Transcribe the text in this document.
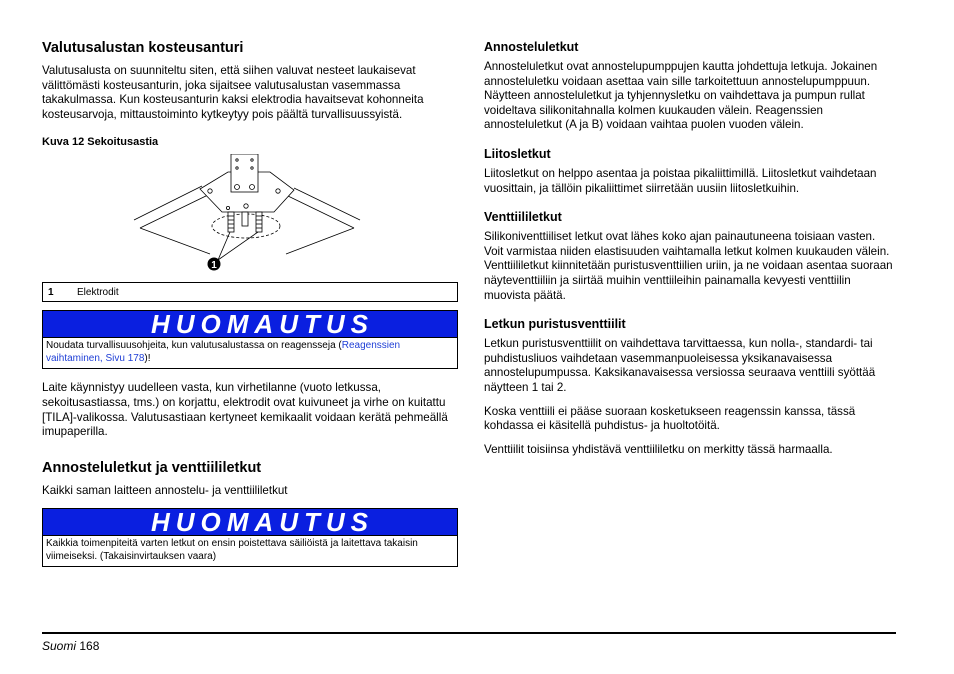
Valutusalustan kosteusanturi

Valutusalusta on suunniteltu siten, että siihen valuvat nesteet laukaisevat välittömästi kosteusanturin, joka sijaitsee valutusalustan vasemmassa takakulmassa. Kun kosteusanturin kaksi elektrodia havaitsevat kohonneita kosteusarvoja, mittaustoiminto kytkeytyy pois päältä turvallisuussyistä.

Kuva 12 Sekoitusastia
1
1	Elektrodit
HUOMAUTUS
Noudata turvallisuusohjeita, kun valutusalustassa on reagensseja (Reagenssien vaihtaminen, Sivu 178)!

Laite käynnistyy uudelleen vasta, kun virhetilanne (vuoto letkussa, sekoitusastiassa, tms.) on korjattu, elektrodit ovat kuivuneet ja virhe on kuitattu [TILA]-valikossa. Valutusastiaan kertyneet kemikaalit voidaan kerätä pehmeällä imupaperilla.

Annosteluletkut ja venttiililetkut

Kaikki saman laitteen annostelu- ja venttiililetkut

HUOMAUTUS
Kaikkia toimenpiteitä varten letkut on ensin poistettava säiliöistä ja laitettava takaisin viimeiseksi. (Takaisinvirtauksen vaara)
Annosteluletkut

Annosteluletkut ovat annostelupumppujen kautta johdettuja letkuja. Jokainen annosteluletku voidaan asettaa vain sille tarkoitettuun annostelupumppuun. Näytteen annosteluletkut ja tyhjennysletku on vaihdettava ja pumpun rullat voideltava silikonitahnalla kolmen kuukauden välein. Reagenssien annosteluletkut (A ja B) voidaan vaihtaa puolen vuoden välein.

Liitosletkut

Liitosletkut on helppo asentaa ja poistaa pikaliittimillä. Liitosletkut vaihdetaan vuosittain, ja tällöin pikaliittimet siirretään uusiin liitosletkuihin.

Venttiililetkut

Silikoniventtiiliset letkut ovat lähes koko ajan painautuneena toisiaan vasten. Voit varmistaa niiden elastisuuden vaihtamalla letkut kolmen kuukauden välein. Venttiililetkut kiinnitetään puristusventtiilien uriin, ja ne voidaan asentaa suoraan näyteventtiiliin ja siirtää muihin venttiileihin painamalla kevyesti venttiilin muovista päätä.

Letkun puristusventtiilit

Letkun puristusventtiilit on vaihdettava tarvittaessa, kun nolla-, standardi- tai puhdistusliuos vaihdetaan vasemmanpuoleisessa yksikanavaisessa annostelupumpussa. Kaksikanavaisessa versiossa seuraava venttiili syöttää näytteen 1 tai 2.

Koska venttiili ei pääse suoraan kosketukseen reagenssin kanssa, tässä kohdassa ei käsitellä puhdistus- ja huoltotöitä.

Venttiilit toisiinsa yhdistävä venttiililetku on merkitty tässä harmaalla.

Suomi 168
